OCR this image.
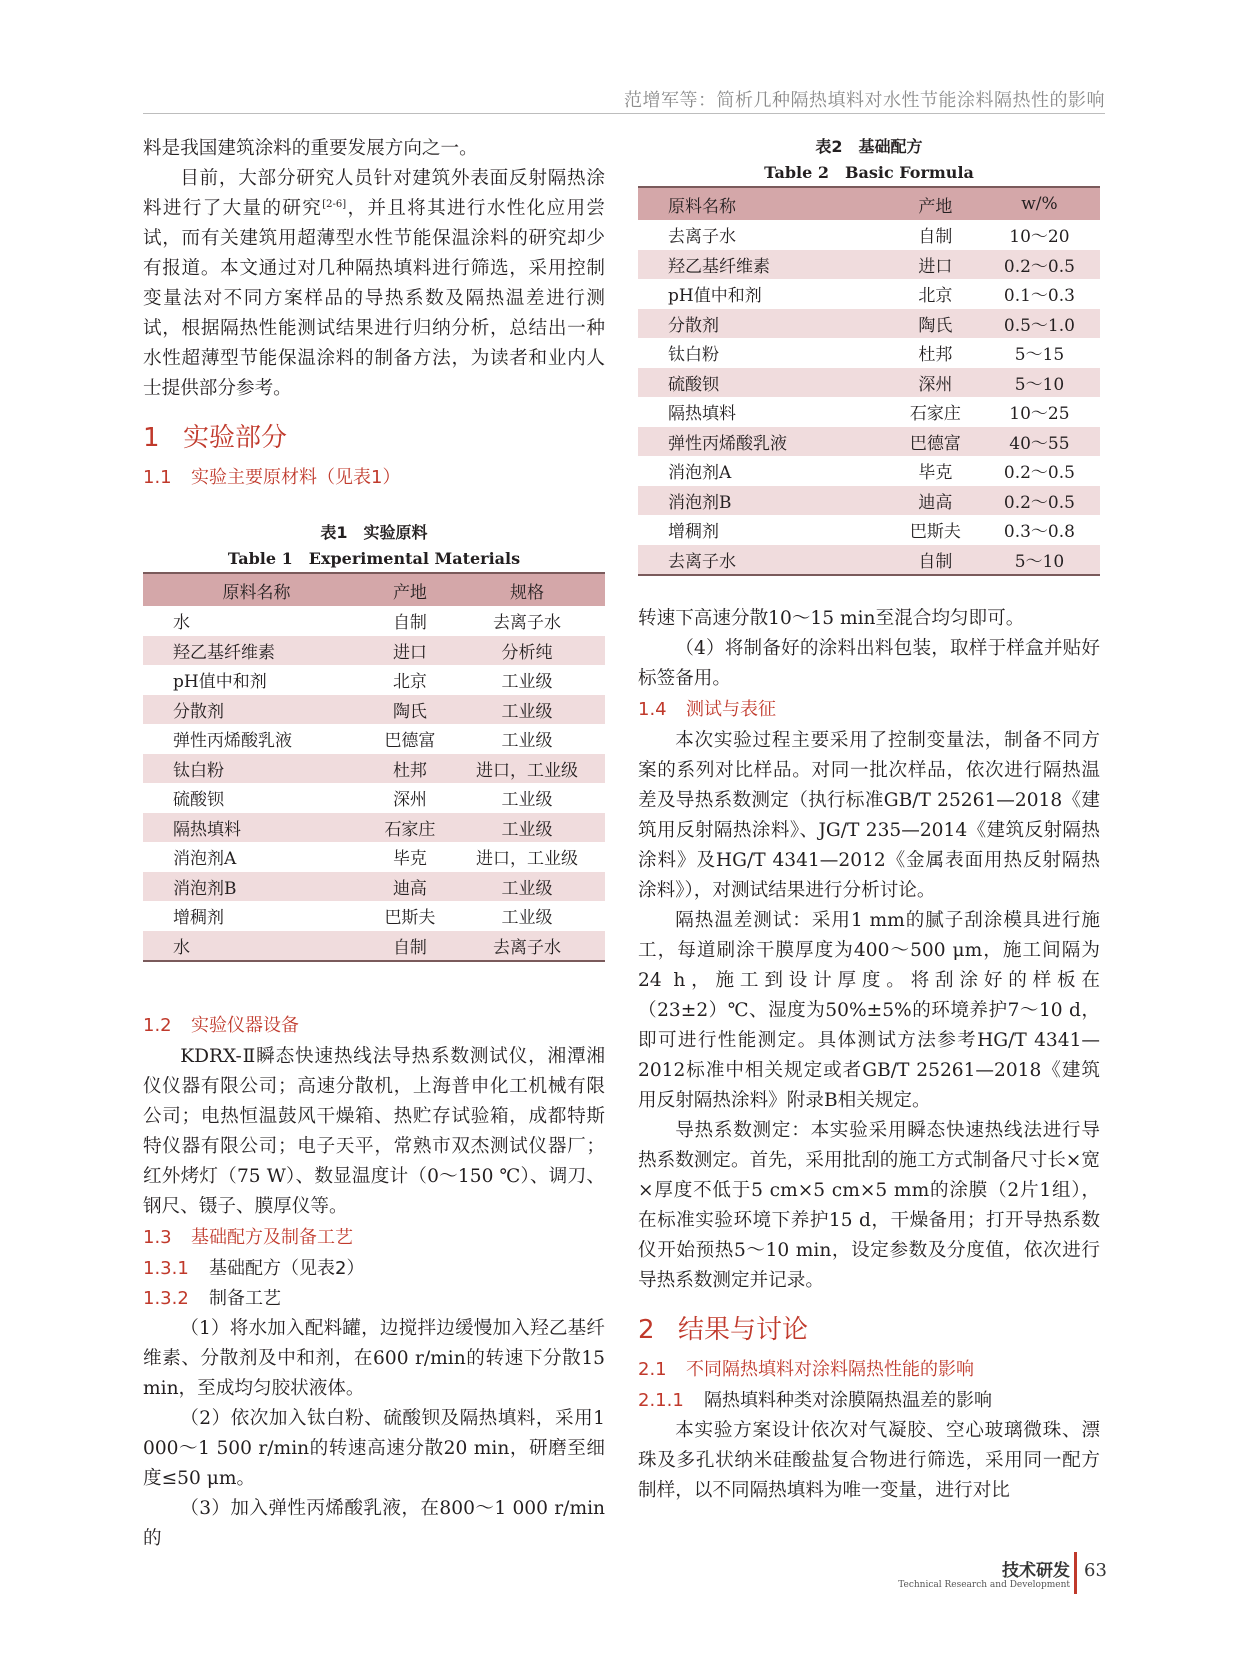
范增军等：简析几种隔热填料对水性节能涂料隔热性的影响

料是我国建筑涂料的重要发展方向之一。

目前，大部分研究人员针对建筑外表面反射隔热涂料进行了大量的研究[2-6]，并且将其进行水性化应用尝试，而有关建筑用超薄型水性节能保温涂料的研究却少有报道。本文通过对几种隔热填料进行筛选，采用控制变量法对不同方案样品的导热系数及隔热温差进行测试，根据隔热性能测试结果进行归纳分析，总结出一种水性超薄型节能保温涂料的制备方法，为读者和业内人士提供部分参考。

1 实验部分
1.1 实验主要原材料（见表1）
表1　实验原料
Table 1　Experimental Materials
原料名称	产地	规格
水	自制	去离子水
羟乙基纤维素	进口	分析纯
pH值中和剂	北京	工业级
分散剂	陶氏	工业级
弹性丙烯酸乳液	巴德富	工业级
钛白粉	杜邦	进口，工业级
硫酸钡	深州	工业级
隔热填料	石家庄	工业级
消泡剂A	毕克	进口，工业级
消泡剂B	迪高	工业级
增稠剂	巴斯夫	工业级
水	自制	去离子水
1.2 实验仪器设备

KDRX-Ⅱ瞬态快速热线法导热系数测试仪，湘潭湘仪仪器有限公司；高速分散机，上海普申化工机械有限公司；电热恒温鼓风干燥箱、热贮存试验箱，成都特斯特仪器有限公司；电子天平，常熟市双杰测试仪器厂；红外烤灯（75 W）、数显温度计（0～150 ℃）、调刀、钢尺、镊子、膜厚仪等。

1.3 基础配方及制备工艺
1.3.1 基础配方（见表2）
1.3.2 制备工艺

（1）将水加入配料罐，边搅拌边缓慢加入羟乙基纤维素、分散剂及中和剂，在600 r/min的转速下分散15 min，至成均匀胶状液体。

（2）依次加入钛白粉、硫酸钡及隔热填料，采用1 000～1 500 r/min的转速高速分散20 min，研磨至细度≤50 μm。

（3）加入弹性丙烯酸乳液，在800～1 000 r/min的

表2　基础配方
Table 2　Basic Formula
原料名称	产地	w/%
去离子水	自制	10～20
羟乙基纤维素	进口	0.2～0.5
pH值中和剂	北京	0.1～0.3
分散剂	陶氏	0.5～1.0
钛白粉	杜邦	5～15
硫酸钡	深州	5～10
隔热填料	石家庄	10～25
弹性丙烯酸乳液	巴德富	40～55
消泡剂A	毕克	0.2～0.5
消泡剂B	迪高	0.2～0.5
增稠剂	巴斯夫	0.3～0.8
去离子水	自制	5～10

转速下高速分散10～15 min至混合均匀即可。

（4）将制备好的涂料出料包装，取样于样盒并贴好标签备用。

1.4 测试与表征

本次实验过程主要采用了控制变量法，制备不同方案的系列对比样品。对同一批次样品，依次进行隔热温差及导热系数测定（执行标准GB/T 25261—2018《建筑用反射隔热涂料》、JG/T 235—2014《建筑反射隔热涂料》及HG/T 4341—2012《金属表面用热反射隔热涂料》），对测试结果进行分析讨论。

隔热温差测试：采用1 mm的腻子刮涂模具进行施工，每道刷涂干膜厚度为400～500 μm，施工间隔为24 h，施工到设计厚度。将刮涂好的样板在（23±2）℃、湿度为50%±5%的环境养护7～10 d，即可进行性能测定。具体测试方法参考HG/T 4341—2012标准中相关规定或者GB/T 25261—2018《建筑用反射隔热涂料》附录B相关规定。

导热系数测定：本实验采用瞬态快速热线法进行导热系数测定。首先，采用批刮的施工方式制备尺寸长×宽×厚度不低于5 cm×5 cm×5 mm的涂膜（2片1组），在标准实验环境下养护15 d，干燥备用；打开导热系数仪开始预热5～10 min，设定参数及分度值，依次进行导热系数测定并记录。

2 结果与讨论
2.1 不同隔热填料对涂料隔热性能的影响
2.1.1 隔热填料种类对涂膜隔热温差的影响

本实验方案设计依次对气凝胶、空心玻璃微珠、漂珠及多孔状纳米硅酸盐复合物进行筛选，采用同一配方制样，以不同隔热填料为唯一变量，进行对比

技术研发
Technical Research and Development
63
